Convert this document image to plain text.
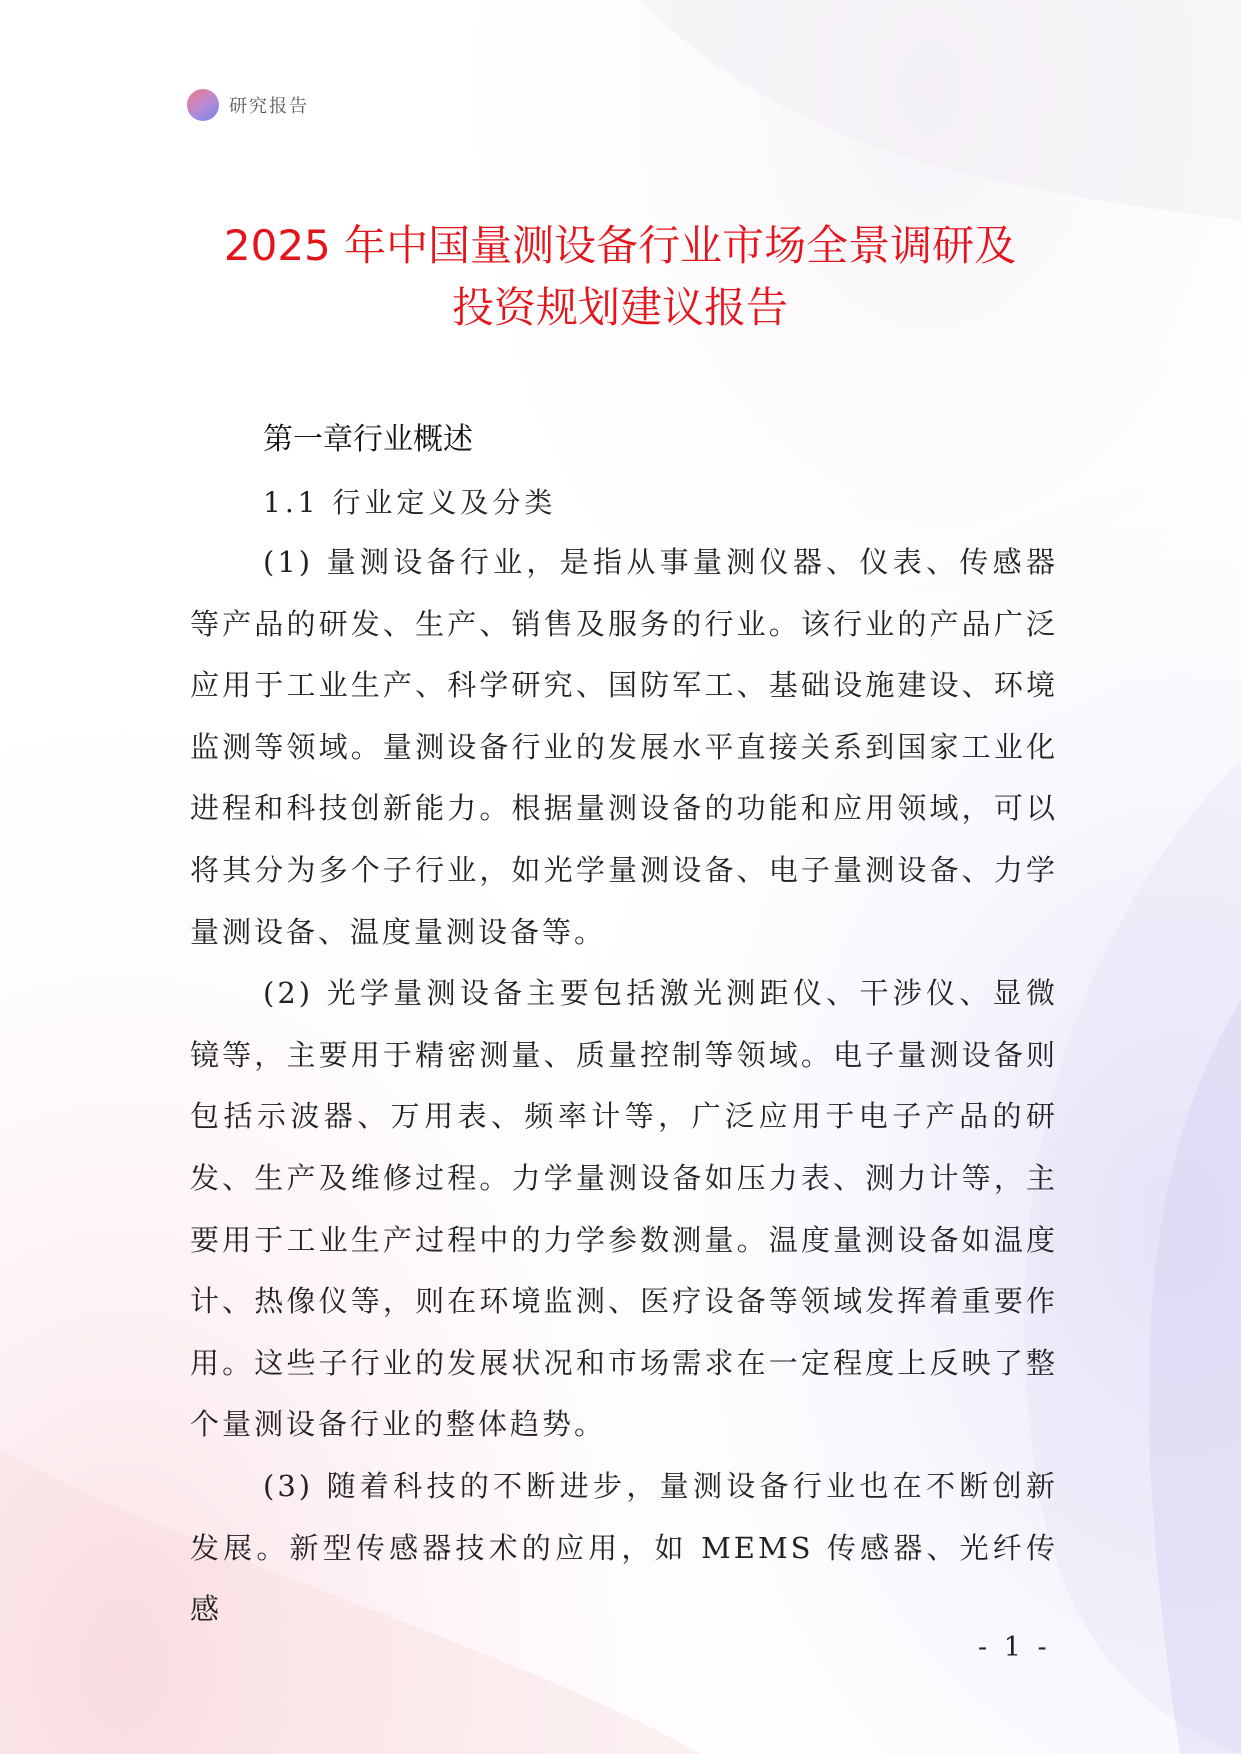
研究报告
2025 年中国量测设备行业市场全景调研及
投资规划建议报告
第一章行业概述
1.1 行业定义及分类

(1) 量测设备行业，是指从事量测仪器、仪表、传感器等产品的研发、生产、销售及服务的行业。该行业的产品广泛应用于工业生产、科学研究、国防军工、基础设施建设、环境监测等领域。量测设备行业的发展水平直接关系到国家工业化进程和科技创新能力。根据量测设备的功能和应用领域，可以将其分为多个子行业，如光学量测设备、电子量测设备、力学量测设备、温度量测设备等。

(2) 光学量测设备主要包括激光测距仪、干涉仪、显微镜等，主要用于精密测量、质量控制等领域。电子量测设备则包括示波器、万用表、频率计等，广泛应用于电子产品的研发、生产及维修过程。力学量测设备如压力表、测力计等，主要用于工业生产过程中的力学参数测量。温度量测设备如温度计、热像仪等，则在环境监测、医疗设备等领域发挥着重要作用。这些子行业的发展状况和市场需求在一定程度上反映了整个量测设备行业的整体趋势。

(3) 随着科技的不断进步，量测设备行业也在不断创新发展。新型传感器技术的应用，如 MEMS 传感器、光纤传感

- 1 -
